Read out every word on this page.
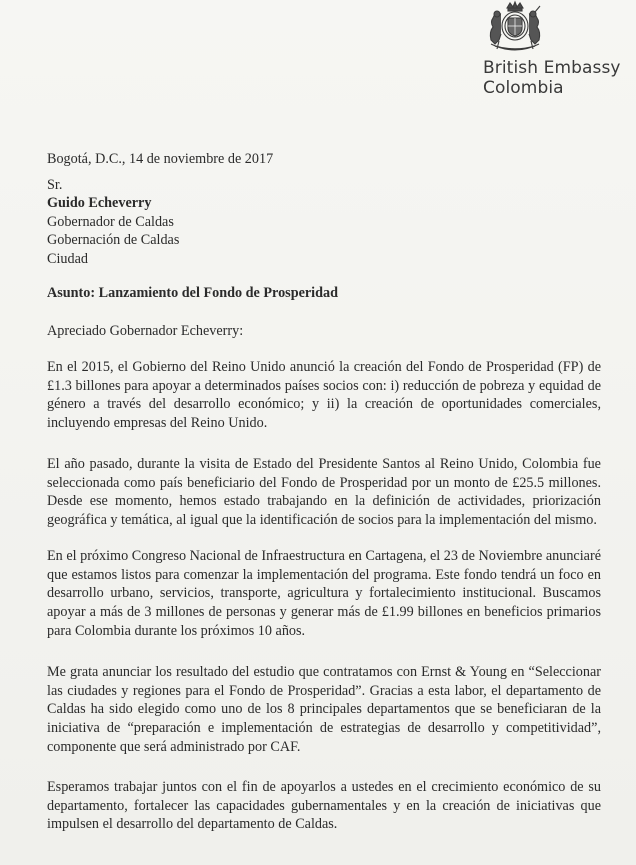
British Embassy
Colombia
Bogotá, D.C., 14 de noviembre de 2017
Sr.
Guido Echeverry
Gobernador de Caldas
Gobernación de Caldas
Ciudad
Asunto: Lanzamiento del Fondo de Prosperidad
Apreciado Gobernador Echeverry:
En el 2015, el Gobierno del Reino Unido anunció la creación del Fondo de Prosperidad (FP) de £1.3 billones para apoyar a determinados países socios con: i) reducción de pobreza y equidad de género a través del desarrollo económico; y ii) la creación de oportunidades comerciales, incluyendo empresas del Reino Unido.
El año pasado, durante la visita de Estado del Presidente Santos al Reino Unido, Colombia fue seleccionada como país beneficiario del Fondo de Prosperidad por un monto de £25.5 millones. Desde ese momento, hemos estado trabajando en la definición de actividades, priorización geográfica y temática, al igual que la identificación de socios para la implementación del mismo.
En el próximo Congreso Nacional de Infraestructura en Cartagena, el 23 de Noviembre anunciaré que estamos listos para comenzar la implementación del programa. Este fondo tendrá un foco en desarrollo urbano, servicios, transporte, agricultura y fortalecimiento institucional. Buscamos apoyar a más de 3 millones de personas y generar más de £1.99 billones en beneficios primarios para Colombia durante los próximos 10 años.
Me grata anunciar los resultado del estudio que contratamos con Ernst & Young en “Seleccionar las ciudades y regiones para el Fondo de Prosperidad”. Gracias a esta labor, el departamento de Caldas ha sido elegido como uno de los 8 principales departamentos que se beneficiaran de la iniciativa de “preparación e implementación de estrategias de desarrollo y competitividad”, componente que será administrado por CAF.
Esperamos trabajar juntos con el fin de apoyarlos a ustedes en el crecimiento económico de su departamento, fortalecer las capacidades gubernamentales y en la creación de iniciativas que impulsen el desarrollo del departamento de Caldas.
